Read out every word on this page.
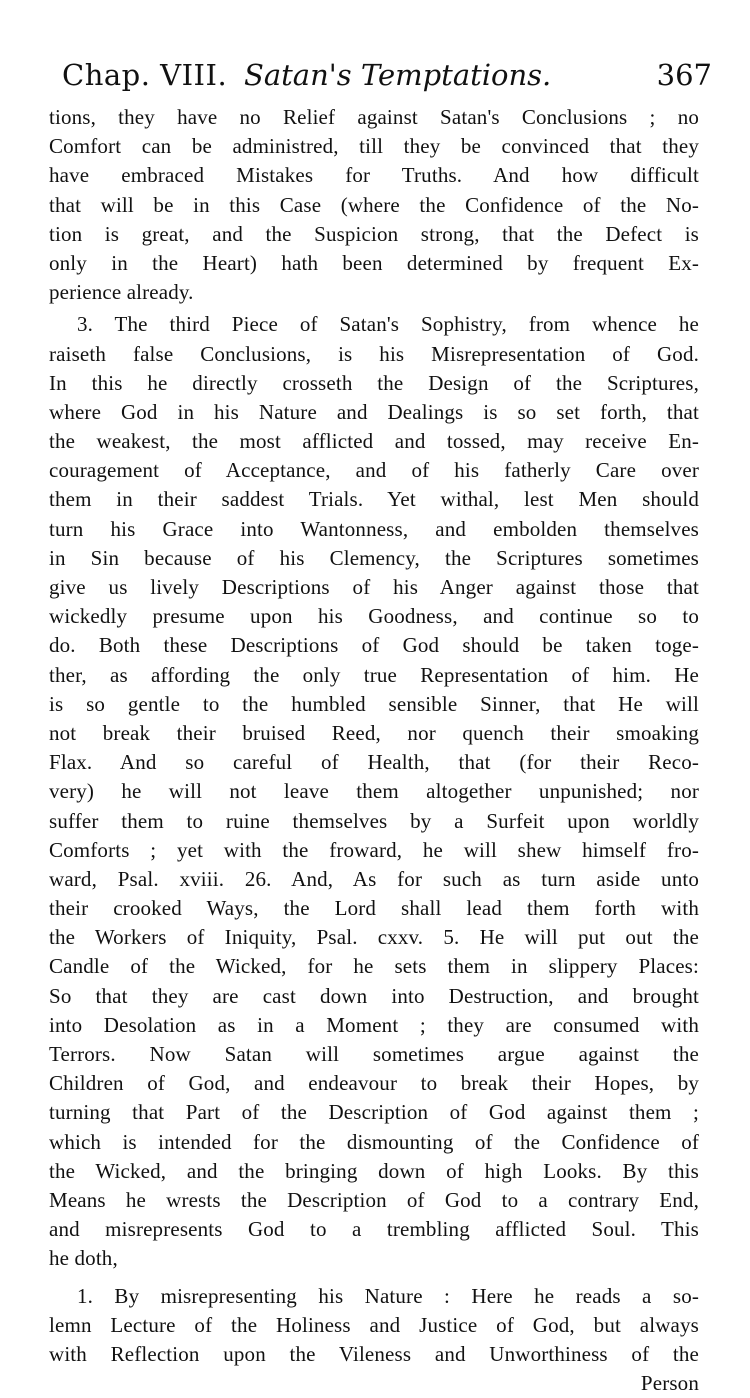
Chap. VIII. Satan's Temptations.	367
tions, they have no Relief against Satan's Conclusions ; no
Comfort can be administred, till they be convinced that they
have embraced Mistakes for Truths. And how difficult
that will be in this Case (where the Confidence of the No-
tion is great, and the Suspicion strong, that the Defect is
only in the Heart) hath been determined by frequent Ex-
perience already.
3. The third Piece of Satan's Sophistry, from whence he
raiseth false Conclusions, is his Misrepresentation of God.
In this he directly crosseth the Design of the Scriptures,
where God in his Nature and Dealings is so set forth, that
the weakest, the most afflicted and tossed, may receive En-
couragement of Acceptance, and of his fatherly Care over
them in their saddest Trials. Yet withal, lest Men should
turn his Grace into Wantonness, and embolden themselves
in Sin because of his Clemency, the Scriptures sometimes
give us lively Descriptions of his Anger against those that
wickedly presume upon his Goodness, and continue so to
do. Both these Descriptions of God should be taken toge-
ther, as affording the only true Representation of him. He
is so gentle to the humbled sensible Sinner, that He will
not break their bruised Reed, nor quench their smoaking
Flax. And so careful of Health, that (for their Reco-
very) he will not leave them altogether unpunished; nor
suffer them to ruine themselves by a Surfeit upon worldly
Comforts ; yet with the froward, he will shew himself fro-
ward, Psal. xviii. 26. And, As for such as turn aside unto
their crooked Ways, the Lord shall lead them forth with
the Workers of Iniquity, Psal. cxxv. 5. He will put out the
Candle of the Wicked, for he sets them in slippery Places:
So that they are cast down into Destruction, and brought
into Desolation as in a Moment ; they are consumed with
Terrors. Now Satan will sometimes argue against the
Children of God, and endeavour to break their Hopes, by
turning that Part of the Description of God against them ;
which is intended for the dismounting of the Confidence of
the Wicked, and the bringing down of high Looks. By this
Means he wrests the Description of God to a contrary End,
and misrepresents God to a trembling afflicted Soul. This
he doth,
1. By misrepresenting his Nature : Here he reads a so-
lemn Lecture of the Holiness and Justice of God, but always
with Reflection upon the Vileness and Unworthiness of the
Person
